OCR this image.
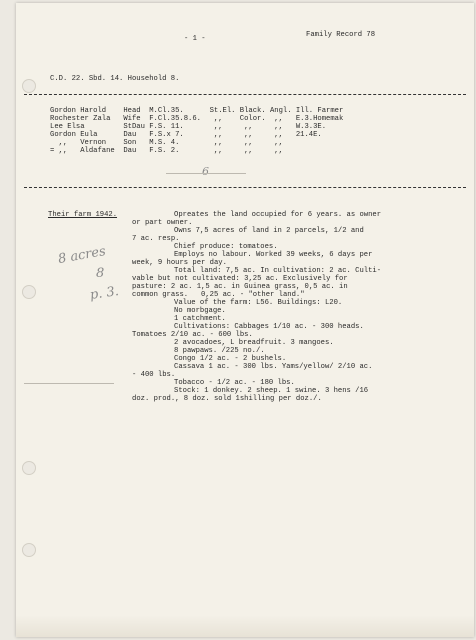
- 1 -	Family Record 78
C.D. 22. Sbd. 14. Household 8.
Gordon Harold    Head  M.Cl.35.      St.El. Black. Angl. Ill. Farmer
Rochester Zala   Wife  F.Cl.35.8.6.   ,,    Color.  ,,   E.3.Homemak
Lee Elsa         StDau F.S. 11.       ,,     ,,     ,,   W.3.3E.
Gordon Eula      Dau   F.S.x 7.       ,,     ,,     ,,   21.4E.
,,   Vernon    Son   M.S. 4.        ,,     ,,     ,,
= ,,   Aldafane  Dau   F.S. 2.        ,,     ,,     ,,
6
Their farm 1942.	Opreates the land occupied for 6 years. as owner
or part owner.
Owns 7,5 acres of land in 2 parcels, 1/2 and
7 ac. resp.
Chief produce: tomatoes.
Employs no labour. Worked 39 weeks, 6 days per
week, 9 hours per day.
Total land: 7,5 ac. In cultivation: 2 ac. Culti-
vable but not cultivated: 3,25 ac. Exclusively for
pasture: 2 ac. 1,5 ac. in Guinea grass, 0,5 ac. in
common grass.   0,25 ac. - "other land."
Value of the farm: L56. Buildings: L20.
No morbgage.
1 catchment.
Cultivations: Cabbages 1/10 ac. - 300 heads.
Tomatoes 2/10 ac. - 600 lbs.
2 avocadoes, L breadfruit. 3 mangoes.
8 pawpaws. /225 no./.
Congo 1/2 ac. - 2 bushels.
Cassava 1 ac. - 300 lbs. Yams/yellow/ 2/10 ac.
- 400 lbs.
Tobacco - 1/2 ac. - 180 lbs.
Stock: 1 donkey. 2 sheep. 1 swine. 3 hens /16
doz. prod., 8 doz. sold 1shilling per doz./.
8 acres
8
p. 3.
